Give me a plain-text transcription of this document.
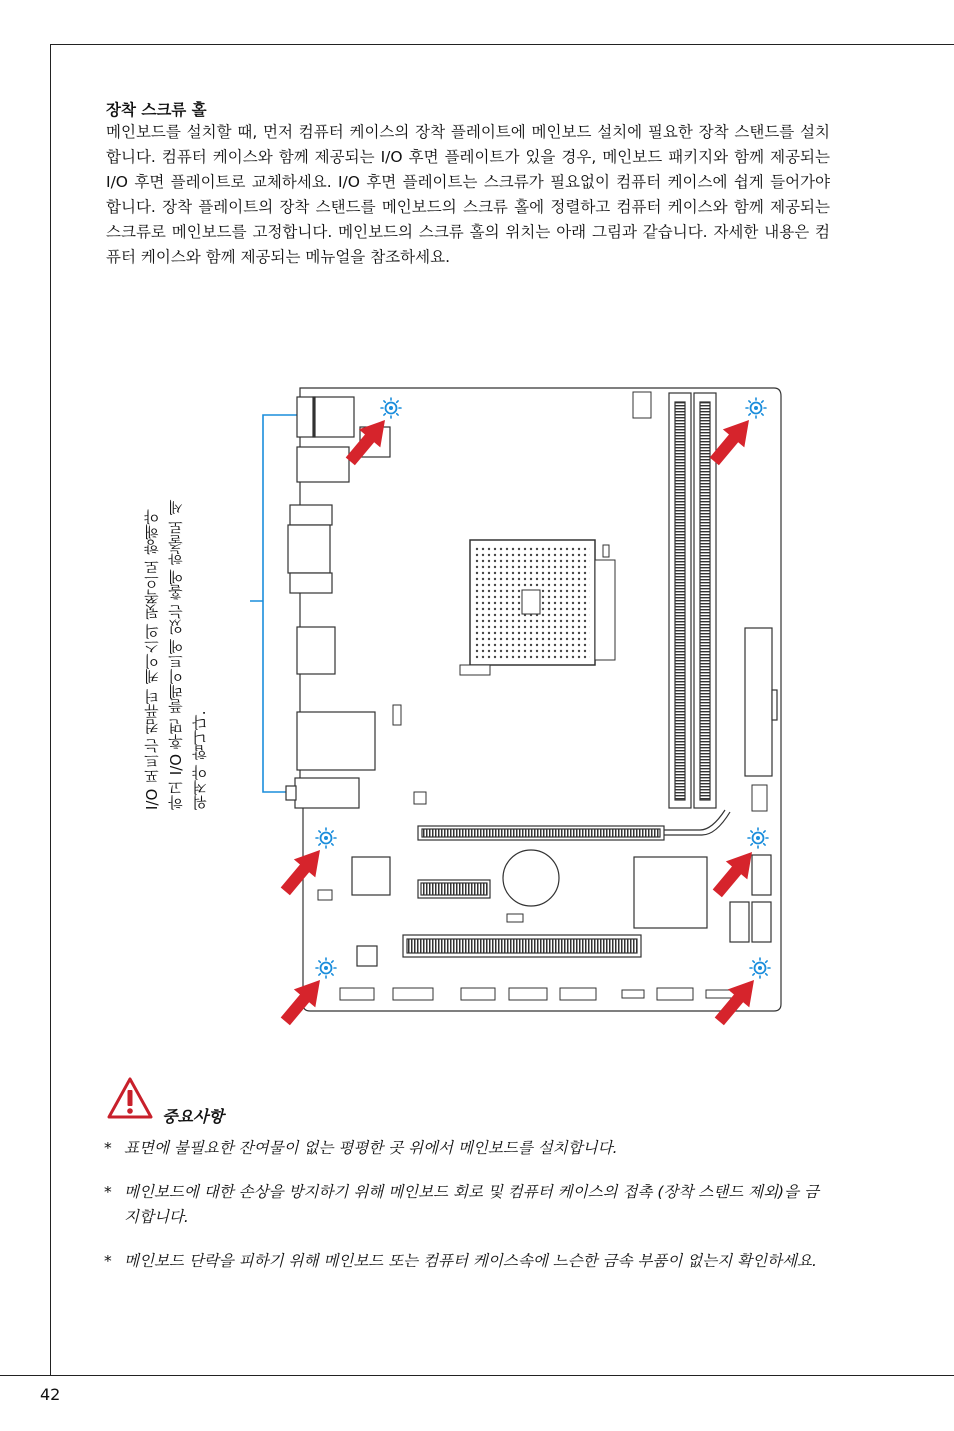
장착 스크류 홀
메인보드를 설치할 때, 먼저 컴퓨터 케이스의 장착 플레이트에 메인보드 설치에 필요한 장착 스탠드를 설치합니다. 컴퓨터 케이스와 함께 제공되는 I/O 후면 플레이트가 있을 경우, 메인보드 패키지와 함께 제공되는 I/O 후면 플레이트로 교체하세요. I/O 후면 플레이트는 스크류가 필요없이 컴퓨터 케이스에 쉽게 들어가야 합니다. 장착 플레이트의 장착 스탠드를 메인보드의 스크류 홀에 정렬하고 컴퓨터 케이스와 함께 제공되는 스크류로 메인보드를 고정합니다. 메인보드의 스크류 홀의 위치는 아래 그림과 같습니다. 자세한 내용은 컴퓨터 케이스와 함께 제공되는 메뉴얼을 참조하세요.
I/O 포트는 컴퓨터 케이스의 뒷쪽으로 향해야 하고 I/O 후면 플레이트에 있는 홀에 한줄로 세 워져야 합니다.
중요사항
* 표면에 불필요한 잔여물이 없는 평평한 곳 위에서 메인보드를 설치합니다.
* 메인보드에 대한 손상을 방지하기 위해 메인보드 회로 및 컴퓨터 케이스의 접촉 (장착 스탠드 제외)을 금지합니다.
* 메인보드 단락을 피하기 위해 메인보드 또는 컴퓨터 케이스속에 느슨한 금속 부품이 없는지 확인하세요.
42
